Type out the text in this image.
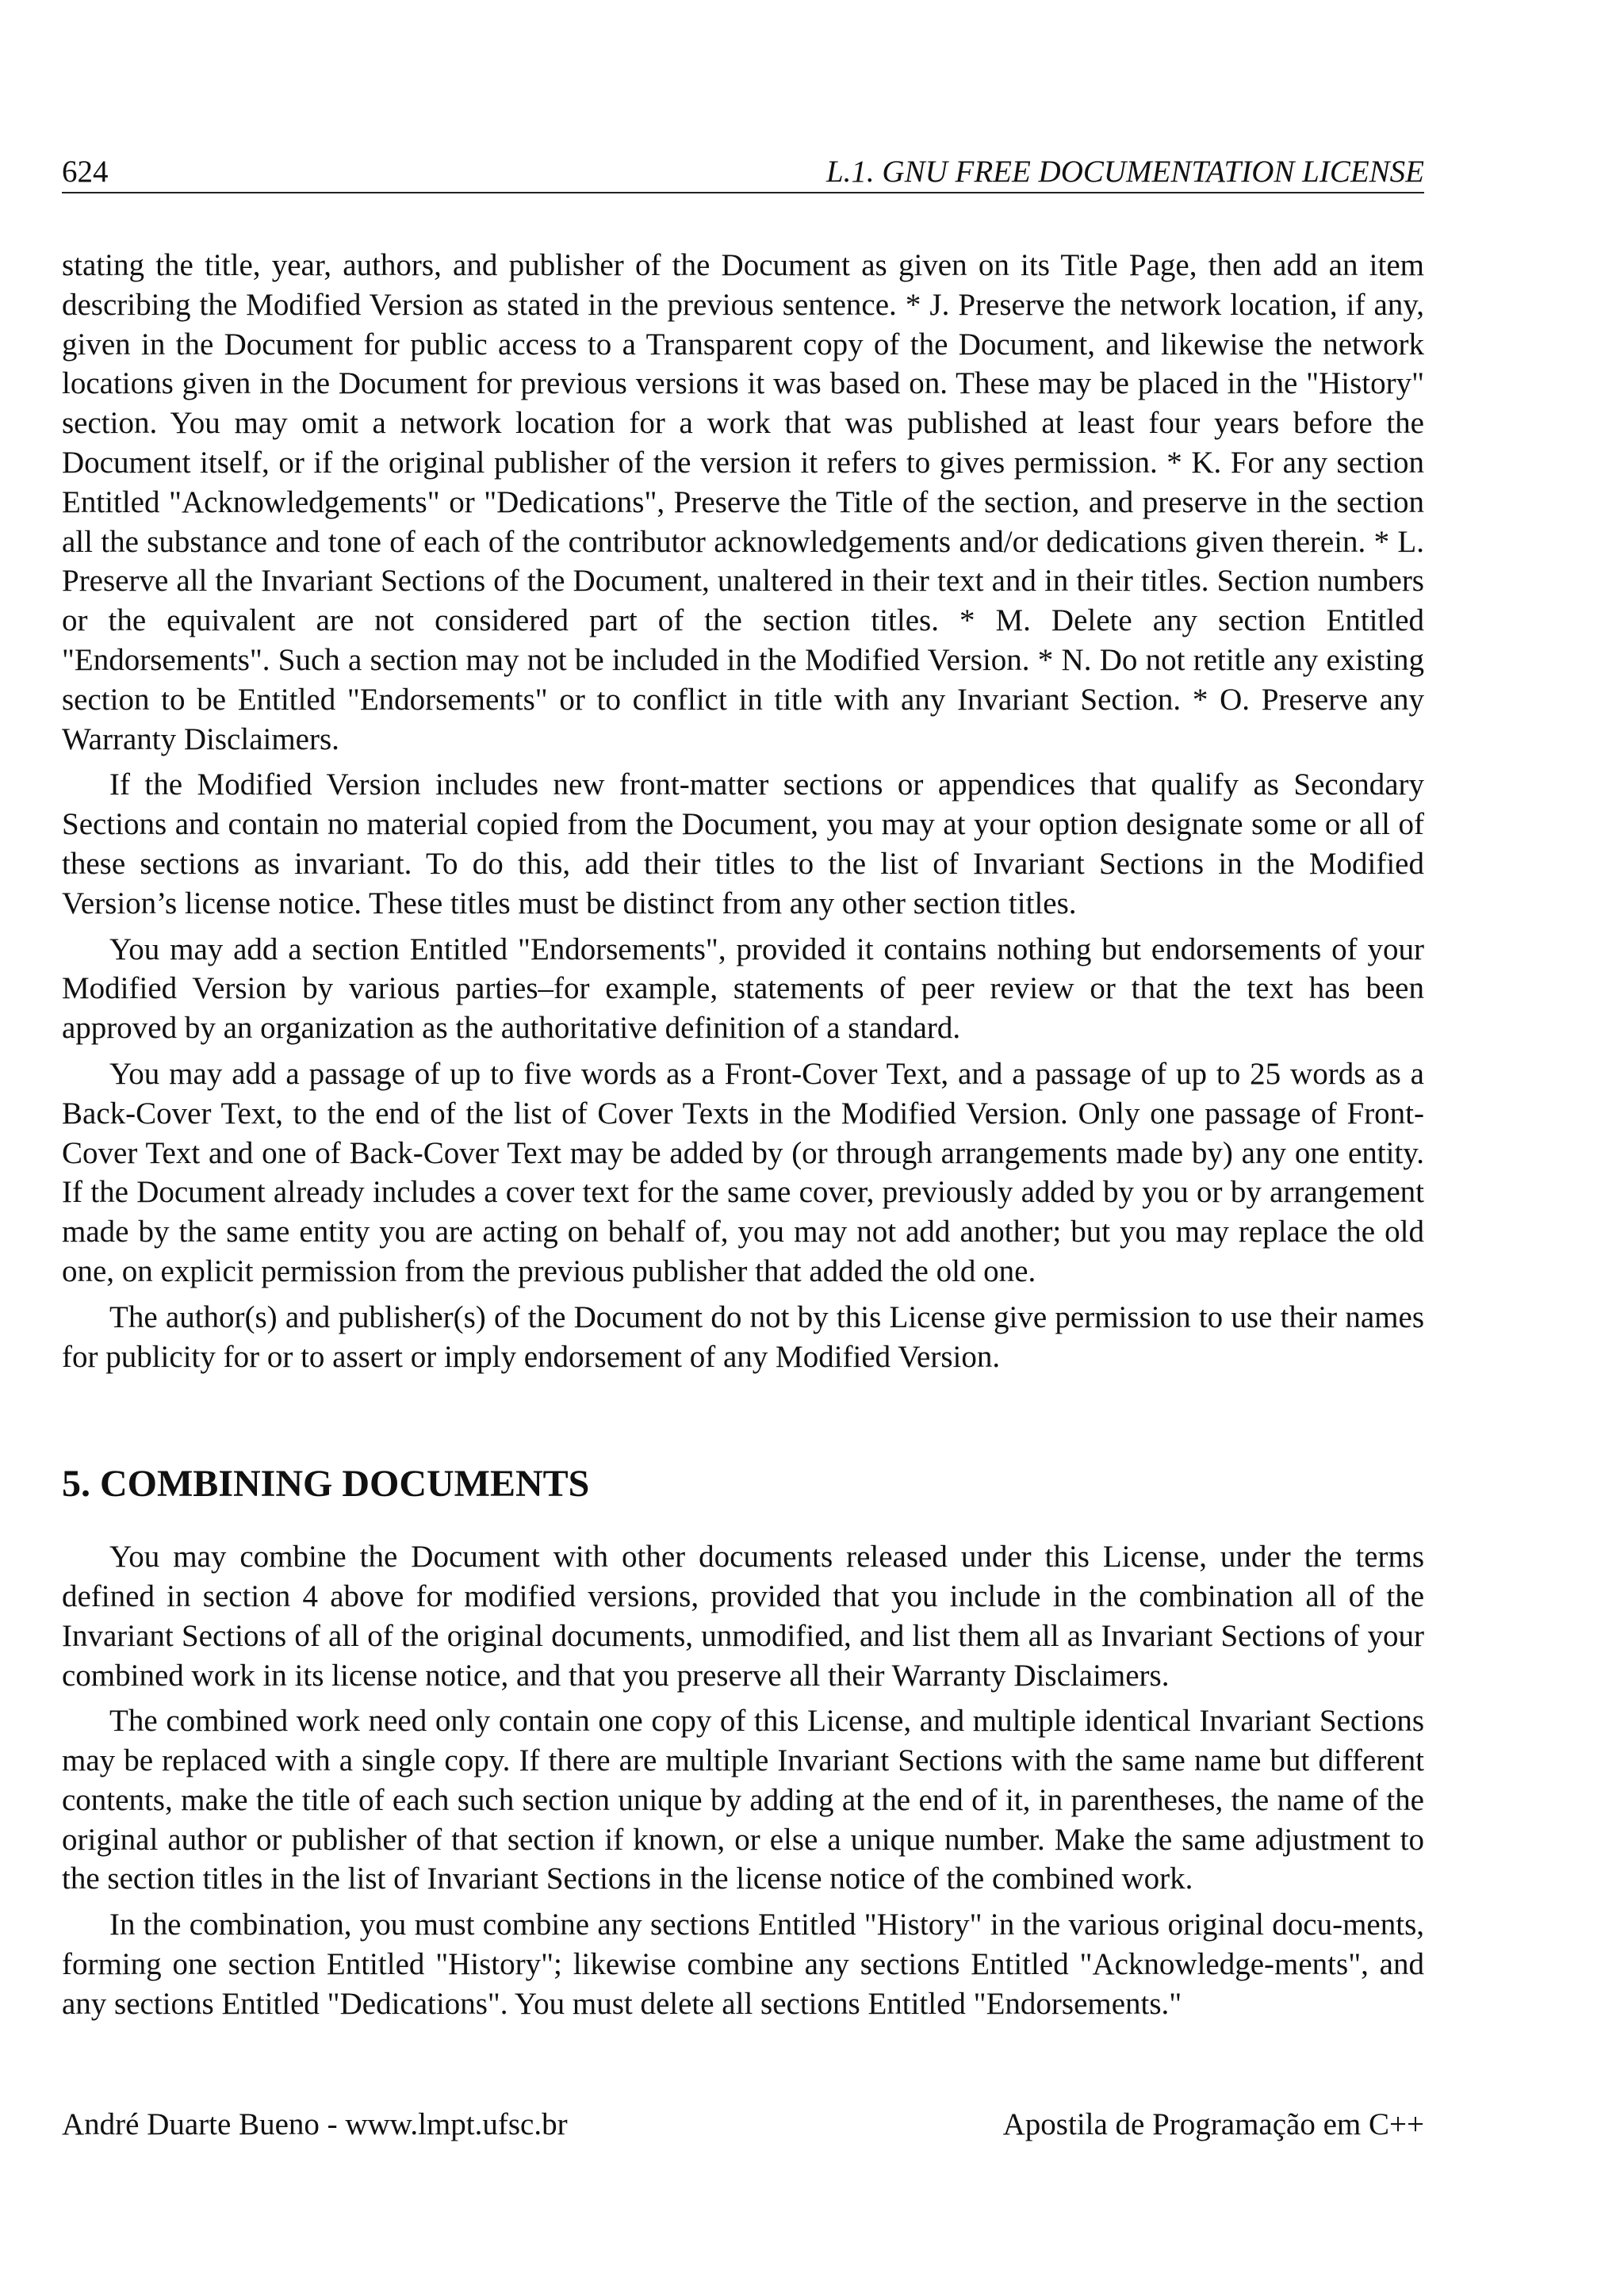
624	L.1. GNU FREE DOCUMENTATION LICENSE

stating the title, year, authors, and publisher of the Document as given on its Title Page, then add an item describing the Modified Version as stated in the previous sentence. * J. Preserve the network location, if any, given in the Document for public access to a Transparent copy of the Document, and likewise the network locations given in the Document for previous versions it was based on. These may be placed in the "History" section. You may omit a network location for a work that was published at least four years before the Document itself, or if the original publisher of the version it refers to gives permission. * K. For any section Entitled "Acknowledgements" or "Dedications", Preserve the Title of the section, and preserve in the section all the substance and tone of each of the contributor acknowledgements and/or dedications given therein. * L. Preserve all the Invariant Sections of the Document, unaltered in their text and in their titles. Section numbers or the equivalent are not considered part of the section titles. * M. Delete any section Entitled "Endorsements". Such a section may not be included in the Modified Version. * N. Do not retitle any existing section to be Entitled "Endorsements" or to conflict in title with any Invariant Section. * O. Preserve any Warranty Disclaimers.

If the Modified Version includes new front-matter sections or appendices that qualify as Secondary Sections and contain no material copied from the Document, you may at your option designate some or all of these sections as invariant. To do this, add their titles to the list of Invariant Sections in the Modified Version’s license notice. These titles must be distinct from any other section titles.

You may add a section Entitled "Endorsements", provided it contains nothing but endorsements of your Modified Version by various parties–for example, statements of peer review or that the text has been approved by an organization as the authoritative definition of a standard.

You may add a passage of up to five words as a Front-Cover Text, and a passage of up to 25 words as a Back-Cover Text, to the end of the list of Cover Texts in the Modified Version. Only one passage of Front-Cover Text and one of Back-Cover Text may be added by (or through arrangements made by) any one entity. If the Document already includes a cover text for the same cover, previously added by you or by arrangement made by the same entity you are acting on behalf of, you may not add another; but you may replace the old one, on explicit permission from the previous publisher that added the old one.

The author(s) and publisher(s) of the Document do not by this License give permission to use their names for publicity for or to assert or imply endorsement of any Modified Version.

5. COMBINING DOCUMENTS

You may combine the Document with other documents released under this License, under the terms defined in section 4 above for modified versions, provided that you include in the combination all of the Invariant Sections of all of the original documents, unmodified, and list them all as Invariant Sections of your combined work in its license notice, and that you preserve all their Warranty Disclaimers.

The combined work need only contain one copy of this License, and multiple identical Invariant Sections may be replaced with a single copy. If there are multiple Invariant Sections with the same name but different contents, make the title of each such section unique by adding at the end of it, in parentheses, the name of the original author or publisher of that section if known, or else a unique number. Make the same adjustment to the section titles in the list of Invariant Sections in the license notice of the combined work.

In the combination, you must combine any sections Entitled "History" in the various original docu-ments, forming one section Entitled "History"; likewise combine any sections Entitled "Acknowledge-ments", and any sections Entitled "Dedications". You must delete all sections Entitled "Endorsements."

André Duarte Bueno - www.lmpt.ufsc.br	Apostila de Programação em C++
